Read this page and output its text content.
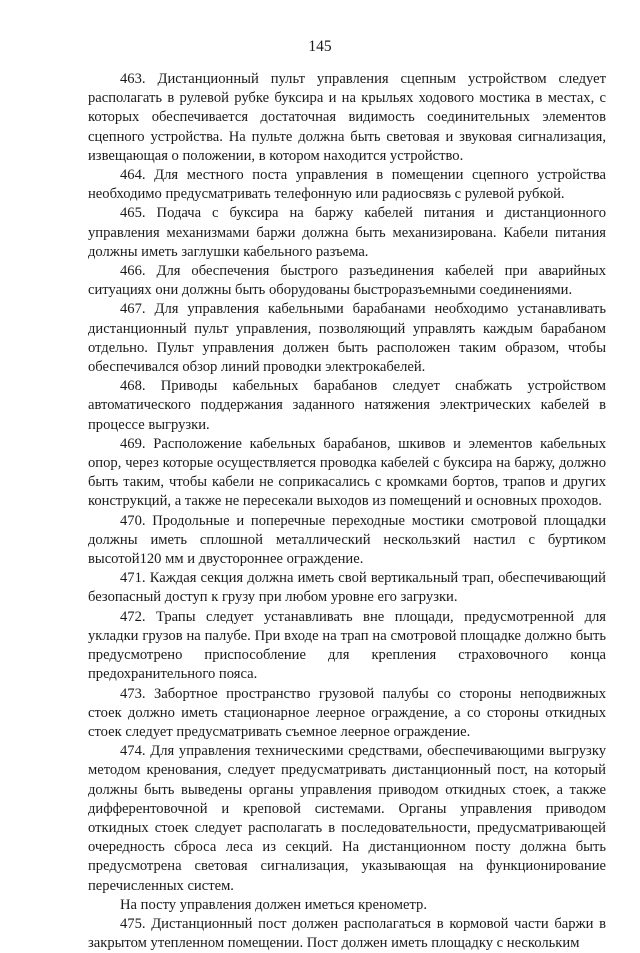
145

463. Дистанционный пульт управления сцепным устройством следует располагать в рулевой рубке буксира и на крыльях ходового мостика в местах, с которых обеспечивается достаточная видимость соединительных элементов сцепного устройства. На пульте должна быть световая и звуковая сигнализация, извещающая о положении, в котором находится устройство.

464. Для местного поста управления в помещении сцепного устройства необходимо предусматривать телефонную или радиосвязь с рулевой рубкой.

465. Подача с буксира на баржу кабелей питания и дистанционного управления механизмами баржи должна быть механизирована. Кабели питания должны иметь заглушки кабельного разъема.

466. Для обеспечения быстрого разъединения кабелей при аварийных ситуациях они должны быть оборудованы быстроразъемными соединениями.

467. Для управления кабельными барабанами необходимо устанавливать дистанционный пульт управления, позволяющий управлять каждым барабаном отдельно. Пульт управления должен быть расположен таким образом, чтобы обеспечивался обзор линий проводки электрокабелей.

468. Приводы кабельных барабанов следует снабжать устройством автоматического поддержания заданного натяжения электрических кабелей в процессе выгрузки.

469. Расположение кабельных барабанов, шкивов и элементов кабельных опор, через которые осуществляется проводка кабелей с буксира на баржу, должно быть таким, чтобы кабели не соприкасались с кромками бортов, трапов и других конструкций, а также не пересекали выходов из помещений и основных проходов.

470. Продольные и поперечные переходные мостики смотровой площадки должны иметь сплошной металлический нескользкий настил с буртиком высотой120 мм и двустороннее ограждение.

471. Каждая секция должна иметь свой вертикальный трап, обеспечивающий безопасный доступ к грузу при любом уровне его загрузки.

472. Трапы следует устанавливать вне площади, предусмотренной для укладки грузов на палубе. При входе на трап на смотровой площадке должно быть предусмотрено приспособление для крепления страховочного конца предохранительного пояса.

473. Забортное пространство грузовой палубы со стороны неподвижных стоек должно иметь стационарное леерное ограждение, а со стороны откидных стоек следует предусматривать съемное леерное ограждение.

474. Для управления техническими средствами, обеспечивающими выгрузку методом кренования, следует предусматривать дистанционный пост, на который должны быть выведены органы управления приводом откидных стоек, а также дифферентовочной и креповой системами. Органы управления приводом откидных стоек следует располагать в последовательности, предусматривающей очередность сброса леса из секций. На дистанционном посту должна быть предусмотрена световая сигнализация, указывающая на функционирование перечисленных систем.

На посту управления должен иметься кренометр.

475. Дистанционный пост должен располагаться в кормовой части баржи в закрытом утепленном помещении. Пост должен иметь площадку с нескольким
